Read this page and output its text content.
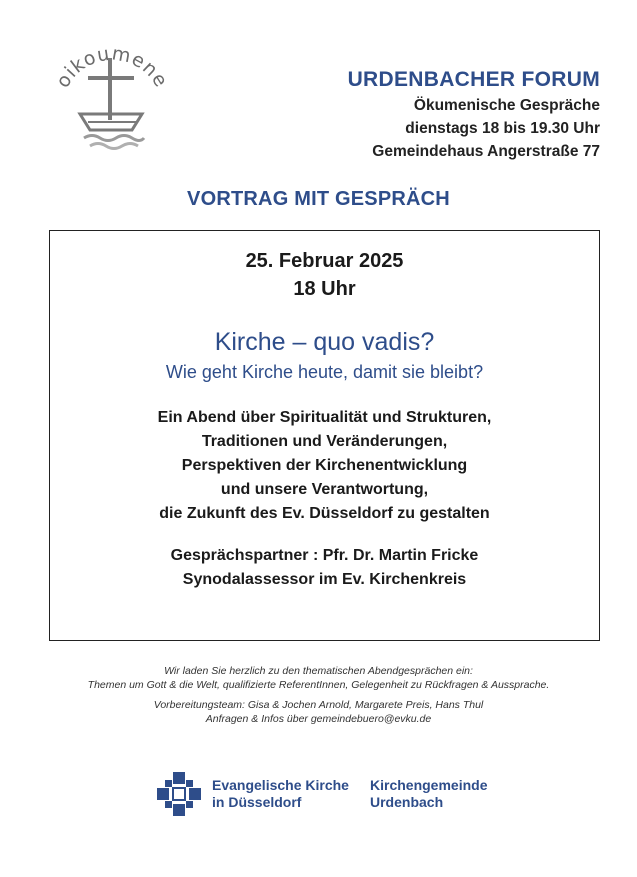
oikoumene	URDENBACHER FORUM
Ökumenische Gespräche
dienstags 18 bis 19.30 Uhr
Gemeindehaus Angerstraße 77
VORTRAG MIT GESPRÄCH
25. Februar 2025
18 Uhr
Kirche – quo vadis?
Wie geht Kirche heute, damit sie bleibt?
Ein Abend über Spiritualität und Strukturen,
Traditionen und Veränderungen,
Perspektiven der Kirchenentwicklung
und unsere Verantwortung,
die Zukunft des Ev. Düsseldorf zu gestalten
Gesprächspartner : Pfr. Dr. Martin Fricke
Synodalassessor im Ev. Kirchenkreis
Wir laden Sie herzlich zu den thematischen Abendgesprächen ein:
Themen um Gott & die Welt, qualifizierte ReferentInnen, Gelegenheit zu Rückfragen & Aussprache.
Vorbereitungsteam: Gisa & Jochen Arnold, Margarete Preis, Hans Thul
Anfragen & Infos über gemeindebuero@evku.de
Evangelische Kirche
in Düsseldorf
Kirchengemeinde
Urdenbach
